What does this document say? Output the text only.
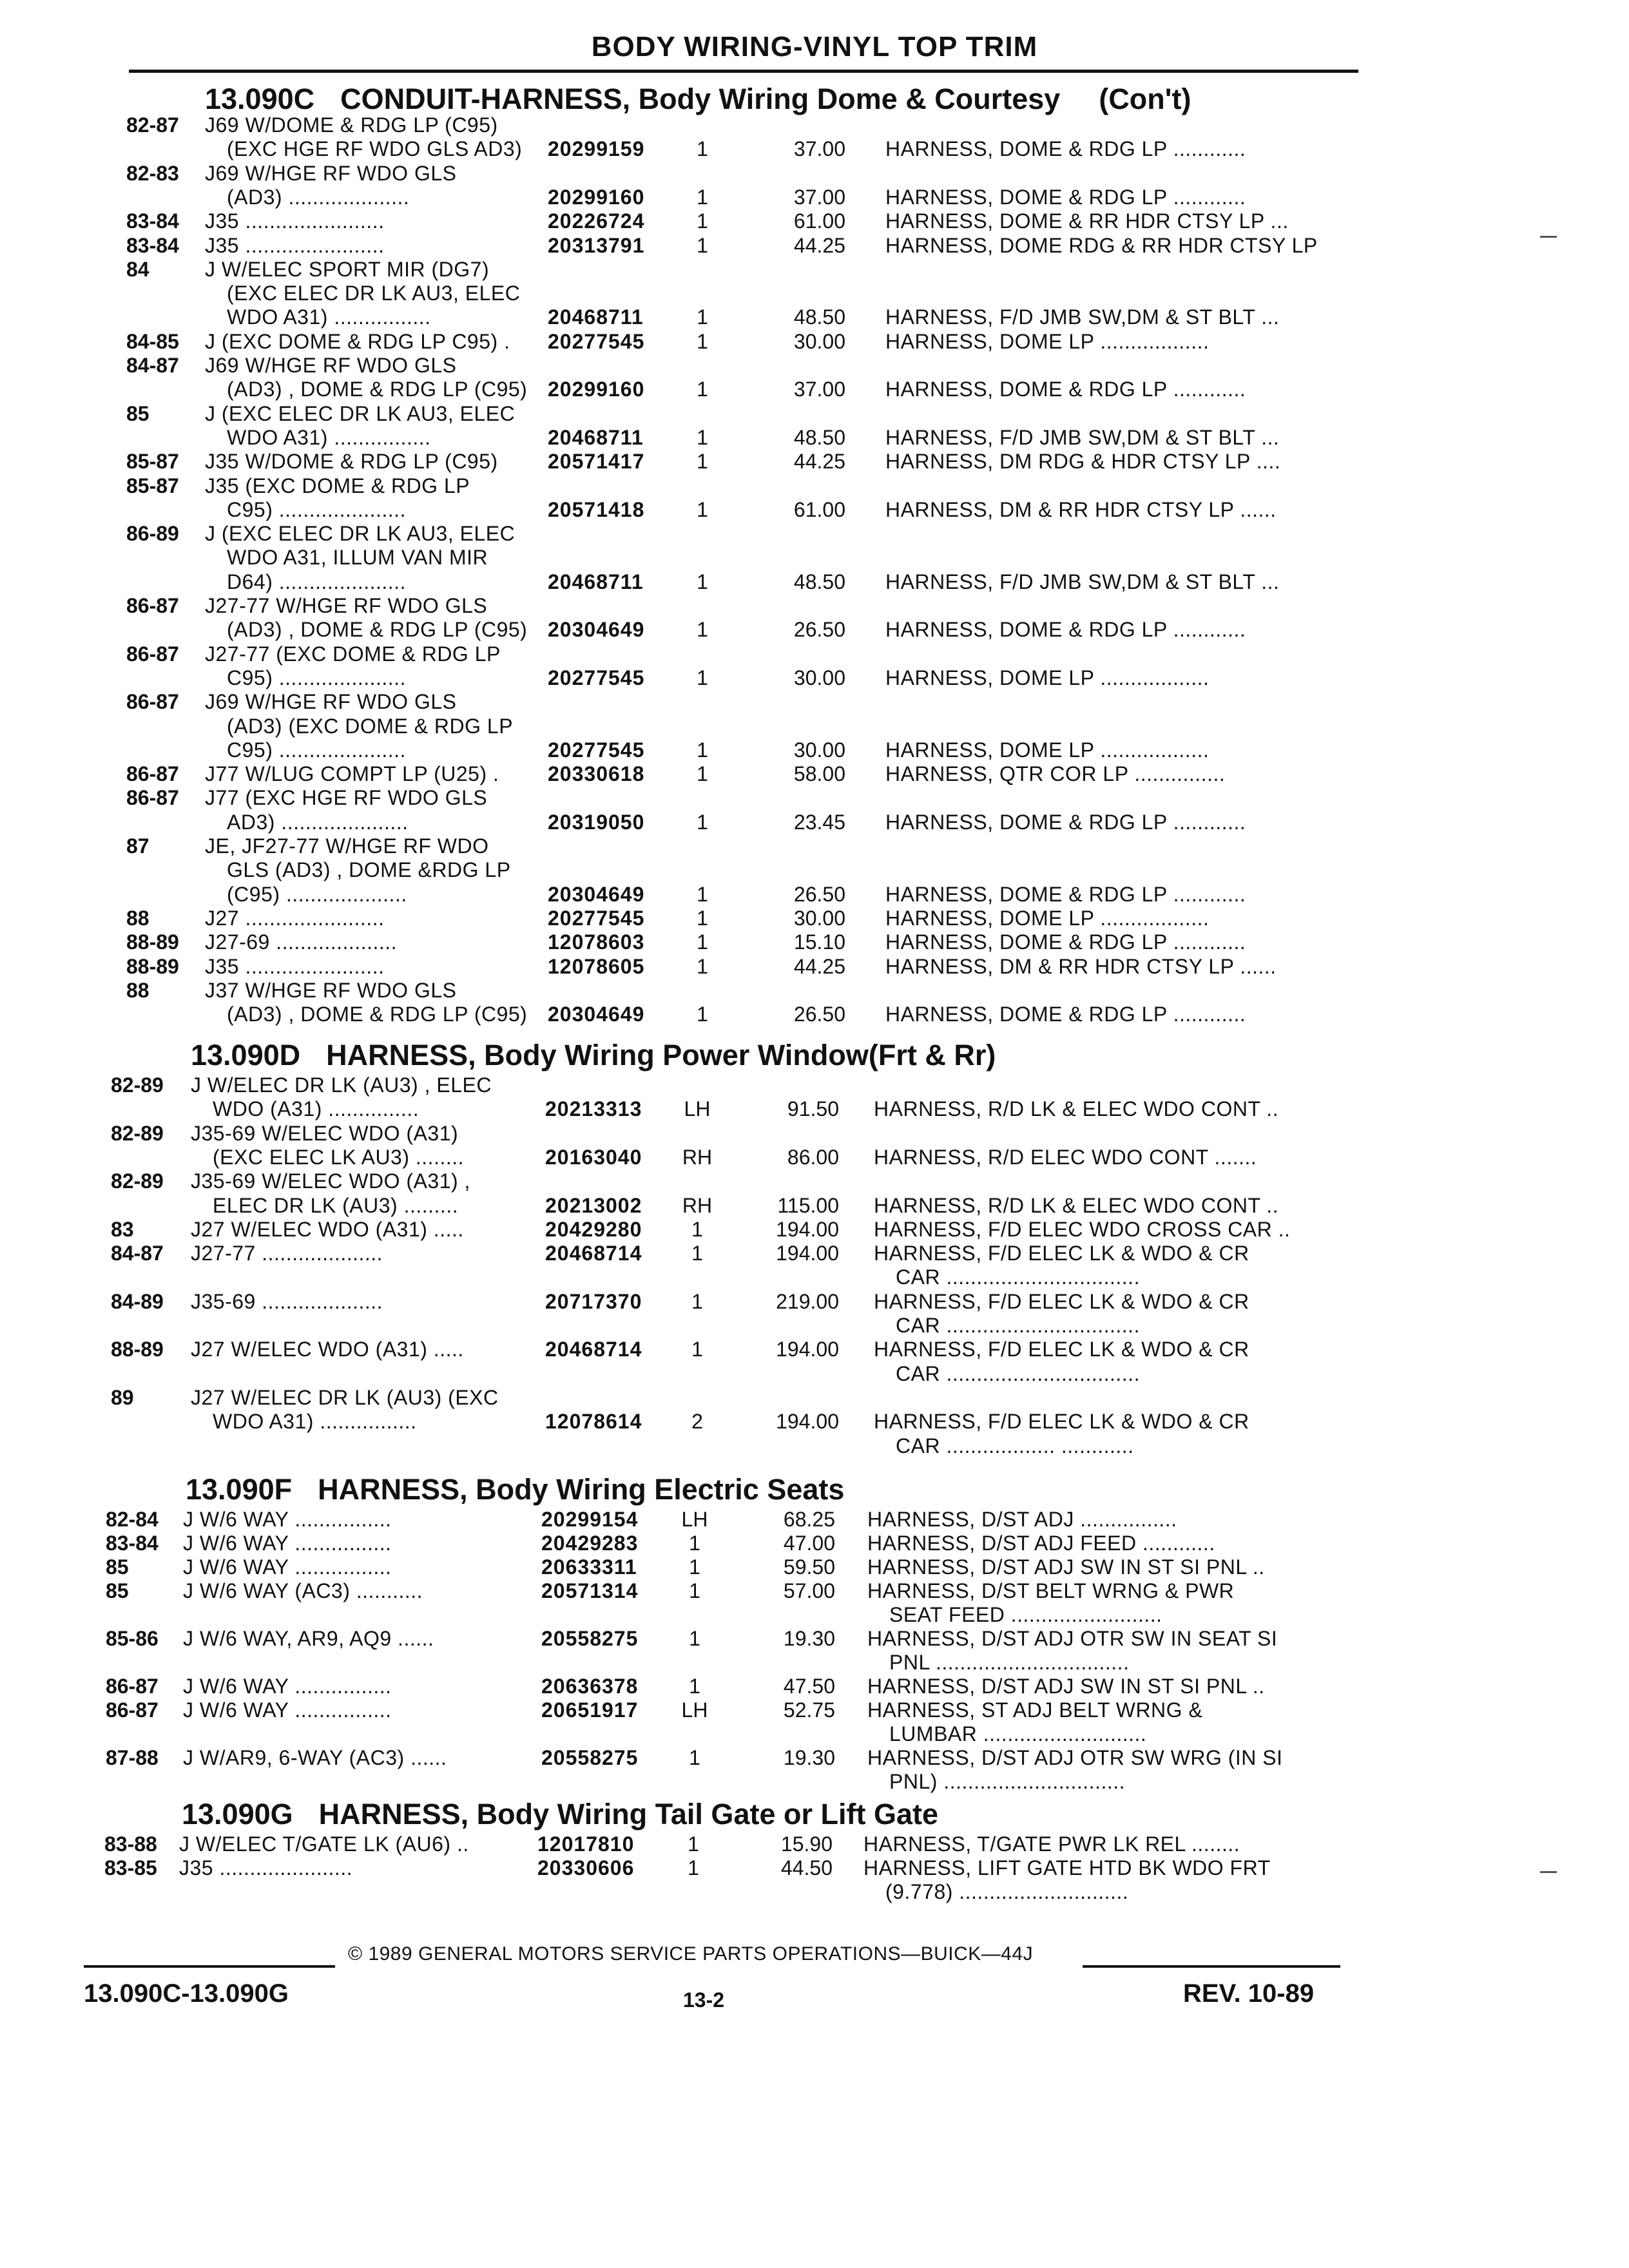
BODY WIRING-VINYL TOP TRIM
13.090C CONDUIT-HARNESS, Body Wiring Dome & Courtesy (Con't)
82-87 J69 W/DOME & RDG LP (C95)
(EXC HGE RF WDO GLS AD3) 20299159	1	37.00 HARNESS, DOME & RDG LP ............
82-83 J69 W/HGE RF WDO GLS
(AD3) ....................	20299160	1	37.00 HARNESS, DOME & RDG LP ............
83-84 J35 .......................	20226724	1	61.00 HARNESS, DOME & RR HDR CTSY LP ...
83-84 J35 .......................	20313791	1	44.25 HARNESS, DOME RDG & RR HDR CTSY LP
84	J W/ELEC SPORT MIR (DG7)
(EXC ELEC DR LK AU3, ELEC
WDO A31) ................	20468711	1	48.50 HARNESS, F/D JMB SW,DM & ST BLT ...
84-85 J (EXC DOME & RDG LP C95) . 20277545	1	30.00 HARNESS, DOME LP ..................
84-87 J69 W/HGE RF WDO GLS
(AD3) , DOME & RDG LP (C95) 20299160	1	37.00 HARNESS, DOME & RDG LP ............
85	J (EXC ELEC DR LK AU3, ELEC
WDO A31) ................	20468711	1	48.50 HARNESS, F/D JMB SW,DM & ST BLT ...
85-87 J35 W/DOME & RDG LP (C95) 20571417	1	44.25 HARNESS, DM RDG & HDR CTSY LP ....
85-87 J35 (EXC DOME & RDG LP
C95) .....................	20571418	1	61.00 HARNESS, DM & RR HDR CTSY LP ......
86-89 J (EXC ELEC DR LK AU3, ELEC
WDO A31, ILLUM VAN MIR
D64) .....................	20468711	1	48.50 HARNESS, F/D JMB SW,DM & ST BLT ...
86-87 J27-77 W/HGE RF WDO GLS
(AD3) , DOME & RDG LP (C95) 20304649	1	26.50 HARNESS, DOME & RDG LP ............
86-87 J27-77 (EXC DOME & RDG LP
C95) .....................	20277545	1	30.00 HARNESS, DOME LP ..................
86-87 J69 W/HGE RF WDO GLS
(AD3) (EXC DOME & RDG LP
C95) .....................	20277545	1	30.00 HARNESS, DOME LP ..................
86-87 J77 W/LUG COMPT LP (U25) . 20330618	1	58.00 HARNESS, QTR COR LP ...............
86-87 J77 (EXC HGE RF WDO GLS
AD3) .....................	20319050	1	23.45 HARNESS, DOME & RDG LP ............
87	JE, JF27-77 W/HGE RF WDO
GLS (AD3) , DOME &RDG LP
(C95) ....................	20304649	1	26.50 HARNESS, DOME & RDG LP ............
88	J27 .......................	20277545	1	30.00 HARNESS, DOME LP ..................
88-89 J27-69 ....................	12078603	1	15.10 HARNESS, DOME & RDG LP ............
88-89 J35 .......................	12078605	1	44.25 HARNESS, DM & RR HDR CTSY LP ......
88	J37 W/HGE RF WDO GLS
(AD3) , DOME & RDG LP (C95) 20304649	1	26.50 HARNESS, DOME & RDG LP ............
13.090D HARNESS, Body Wiring Power Window(Frt & Rr)
82-89 J W/ELEC DR LK (AU3) , ELEC
WDO (A31) ...............	20213313 LH	91.50 HARNESS, R/D LK & ELEC WDO CONT ..
82-89 J35-69 W/ELEC WDO (A31)
(EXC ELEC LK AU3) ........	20163040 RH	86.00 HARNESS, R/D ELEC WDO CONT .......
82-89 J35-69 W/ELEC WDO (A31) ,
ELEC DR LK (AU3) .........	20213002 RH	115.00 HARNESS, R/D LK & ELEC WDO CONT ..
83	J27 W/ELEC WDO (A31) .....	20429280	1	194.00 HARNESS, F/D ELEC WDO CROSS CAR ..
84-87 J27-77 ....................	20468714	1	194.00 HARNESS, F/D ELEC LK & WDO & CR
CAR ................................
84-89 J35-69 ....................	20717370	1	219.00 HARNESS, F/D ELEC LK & WDO & CR
CAR ................................
88-89 J27 W/ELEC WDO (A31) .....	20468714	1	194.00 HARNESS, F/D ELEC LK & WDO & CR
CAR ................................
89	J27 W/ELEC DR LK (AU3) (EXC
WDO A31) ................	12078614	2	194.00 HARNESS, F/D ELEC LK & WDO & CR
CAR .................. ............
13.090F HARNESS, Body Wiring Electric Seats
82-84 J W/6 WAY ................	20299154 LH	68.25 HARNESS, D/ST ADJ ................
83-84 J W/6 WAY ................	20429283	1	47.00 HARNESS, D/ST ADJ FEED ............
85	J W/6 WAY ................	20633311	1	59.50 HARNESS, D/ST ADJ SW IN ST SI PNL ..
85	J W/6 WAY (AC3) ...........	20571314	1	57.00 HARNESS, D/ST BELT WRNG & PWR
SEAT FEED .........................
85-86 J W/6 WAY, AR9, AQ9 ......	20558275	1	19.30 HARNESS, D/ST ADJ OTR SW IN SEAT SI
PNL ................................
86-87 J W/6 WAY ................	20636378	1	47.50 HARNESS, D/ST ADJ SW IN ST SI PNL ..
86-87 J W/6 WAY ................	20651917 LH	52.75 HARNESS, ST ADJ BELT WRNG &
LUMBAR ...........................
87-88 J W/AR9, 6-WAY (AC3) ......	20558275	1	19.30 HARNESS, D/ST ADJ OTR SW WRG (IN SI
PNL) ..............................
13.090G HARNESS, Body Wiring Tail Gate or Lift Gate
83-88 J W/ELEC T/GATE LK (AU6) ..	12017810	1	15.90 HARNESS, T/GATE PWR LK REL ........
83-85 J35 ......................	20330606	1	44.50 HARNESS, LIFT GATE HTD BK WDO FRT
(9.778) ............................
© 1989 GENERAL MOTORS SERVICE PARTS OPERATIONS—BUICK—44J
13.090C-13.090G	13-2	REV. 10-89
